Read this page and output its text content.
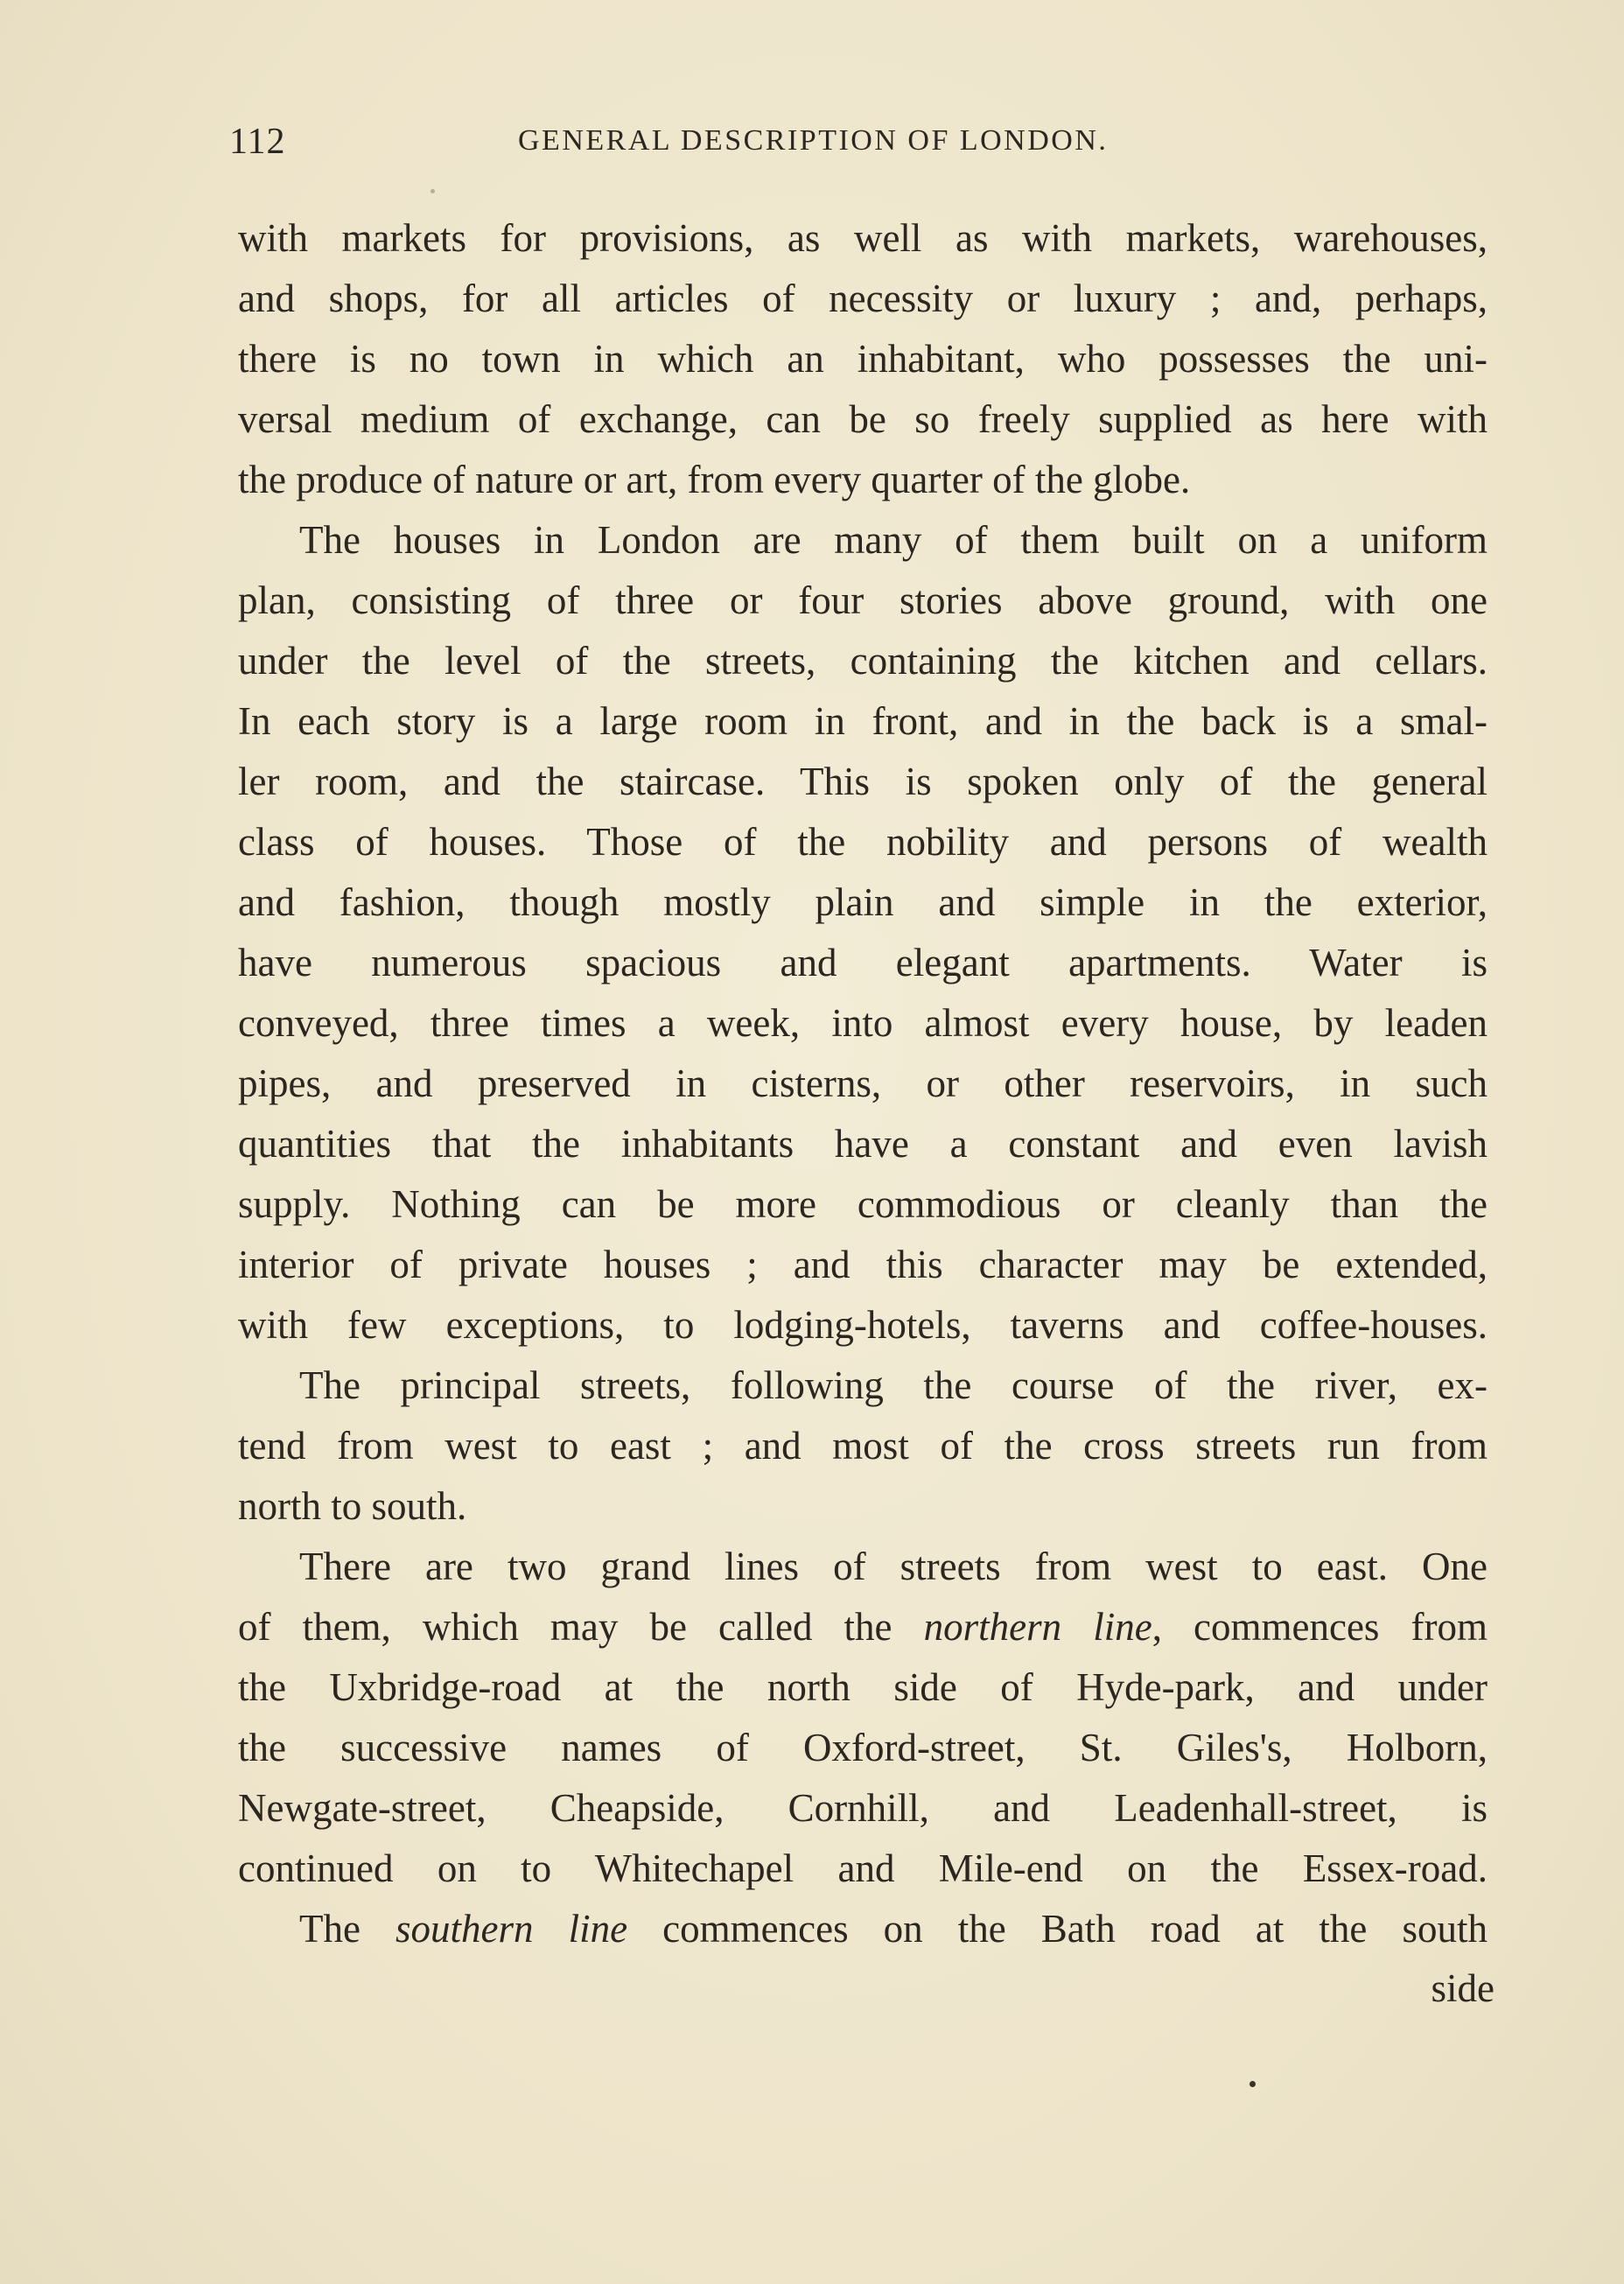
112	GENERAL DESCRIPTION OF LONDON.
with markets for provisions, as well as with markets, warehouses,
and shops, for all articles of necessity or luxury ; and, perhaps,
there is no town in which an inhabitant, who possesses the uni-
versal medium of exchange, can be so freely supplied as here with
the produce of nature or art, from every quarter of the globe.
The houses in London are many of them built on a uniform
plan, consisting of three or four stories above ground, with one
under the level of the streets, containing the kitchen and cellars.
In each story is a large room in front, and in the back is a smal-
ler room, and the staircase. This is spoken only of the general
class of houses. Those of the nobility and persons of wealth
and fashion, though mostly plain and simple in the exterior,
have numerous spacious and elegant apartments. Water is
conveyed, three times a week, into almost every house, by leaden
pipes, and preserved in cisterns, or other reservoirs, in such
quantities that the inhabitants have a constant and even lavish
supply. Nothing can be more commodious or cleanly than the
interior of private houses ; and this character may be extended,
with few exceptions, to lodging-hotels, taverns and coffee-houses.
The principal streets, following the course of the river, ex-
tend from west to east ; and most of the cross streets run from
north to south.
There are two grand lines of streets from west to east. One
of them, which may be called the northern line, commences from
the Uxbridge-road at the north side of Hyde-park, and under
the successive names of Oxford-street, St. Giles's, Holborn,
Newgate-street, Cheapside, Cornhill, and Leadenhall-street, is
continued on to Whitechapel and Mile-end on the Essex-road.
The southern line commences on the Bath road at the south
side
